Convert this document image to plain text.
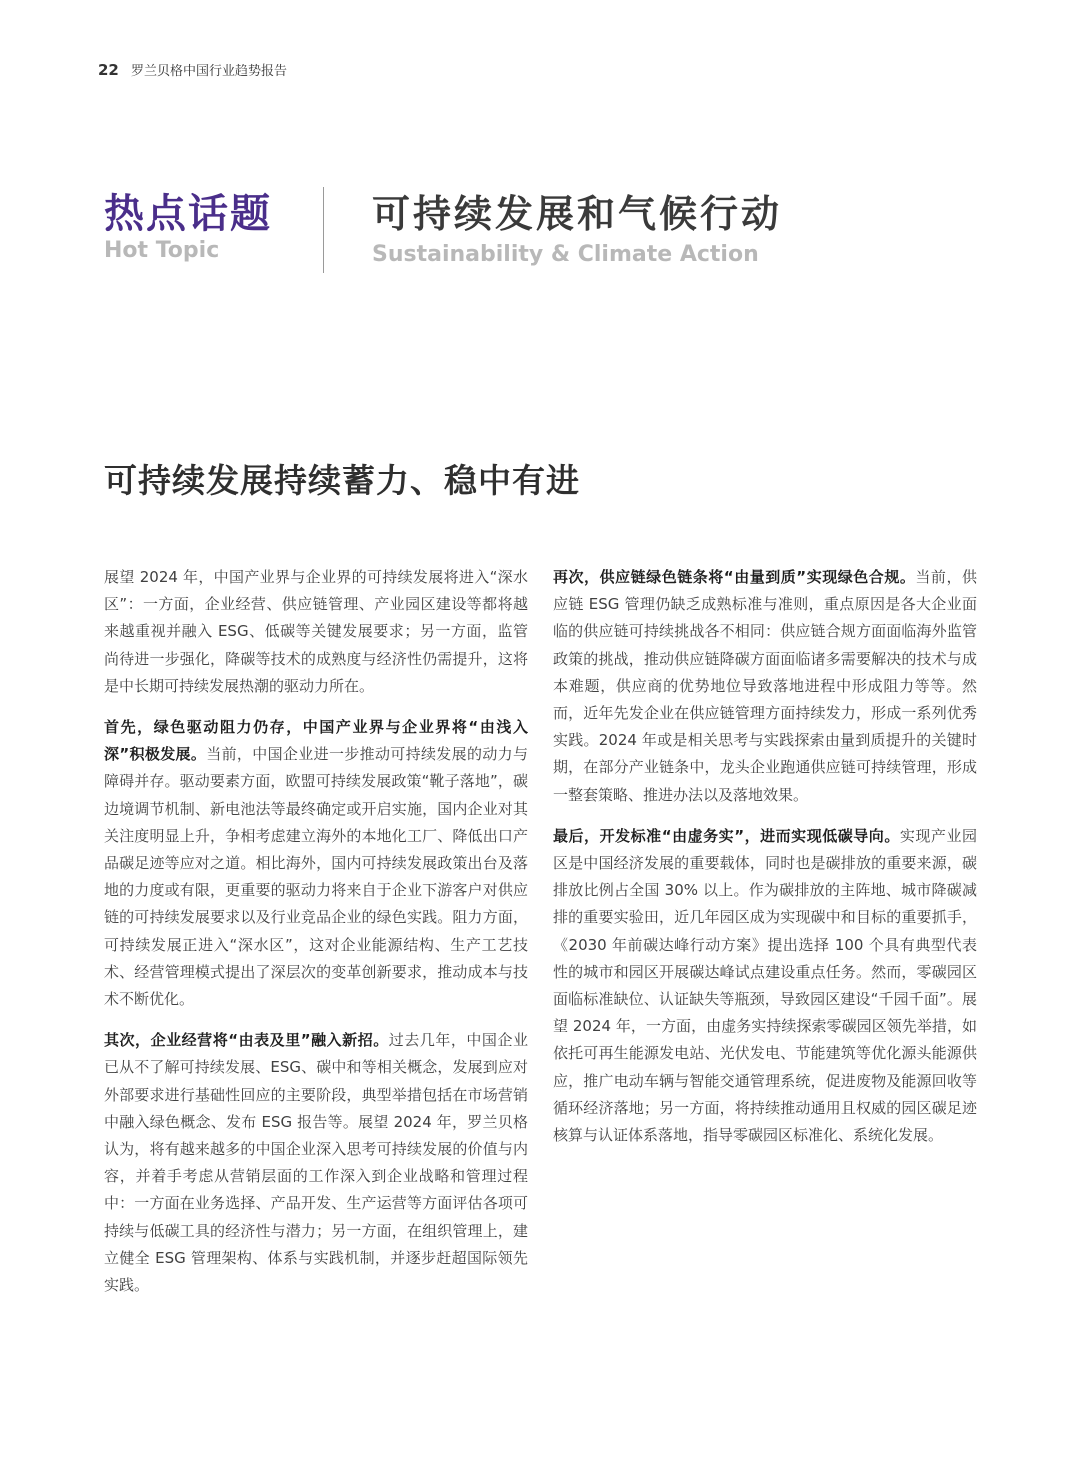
22 罗兰贝格中国行业趋势报告
热点话题
Hot Topic
可持续发展和气候行动
Sustainability & Climate Action
可持续发展持续蓄力、稳中有进

展望 2024 年，中国产业界与企业界的可持续发展将进入“深水区”：一方面，企业经营、供应链管理、产业园区建设等都将越来越重视并融入 ESG、低碳等关键发展要求；另一方面，监管尚待进一步强化，降碳等技术的成熟度与经济性仍需提升，这将是中长期可持续发展热潮的驱动力所在。

首先，绿色驱动阻力仍存，中国产业界与企业界将“由浅入深”积极发展。当前，中国企业进一步推动可持续发展的动力与障碍并存。驱动要素方面，欧盟可持续发展政策“靴子落地”，碳边境调节机制、新电池法等最终确定或开启实施，国内企业对其关注度明显上升，争相考虑建立海外的本地化工厂、降低出口产品碳足迹等应对之道。相比海外，国内可持续发展政策出台及落地的力度或有限，更重要的驱动力将来自于企业下游客户对供应链的可持续发展要求以及行业竞品企业的绿色实践。阻力方面，可持续发展正进入“深水区”，这对企业能源结构、生产工艺技术、经营管理模式提出了深层次的变革创新要求，推动成本与技术不断优化。

其次，企业经营将“由表及里”融入新招。过去几年，中国企业已从不了解可持续发展、ESG、碳中和等相关概念，发展到应对外部要求进行基础性回应的主要阶段，典型举措包括在市场营销中融入绿色概念、发布 ESG 报告等。展望 2024 年，罗兰贝格认为，将有越来越多的中国企业深入思考可持续发展的价值与内容，并着手考虑从营销层面的工作深入到企业战略和管理过程中：一方面在业务选择、产品开发、生产运营等方面评估各项可持续与低碳工具的经济性与潜力；另一方面，在组织管理上，建立健全 ESG 管理架构、体系与实践机制，并逐步赶超国际领先实践。

再次，供应链绿色链条将“由量到质”实现绿色合规。当前，供应链 ESG 管理仍缺乏成熟标准与准则，重点原因是各大企业面临的供应链可持续挑战各不相同：供应链合规方面面临海外监管政策的挑战，推动供应链降碳方面面临诸多需要解决的技术与成本难题，供应商的优势地位导致落地进程中形成阻力等等。然而，近年先发企业在供应链管理方面持续发力，形成一系列优秀实践。2024 年或是相关思考与实践探索由量到质提升的关键时期，在部分产业链条中，龙头企业跑通供应链可持续管理，形成一整套策略、推进办法以及落地效果。

最后，开发标准“由虚务实”，进而实现低碳导向。实现产业园区是中国经济发展的重要载体，同时也是碳排放的重要来源，碳排放比例占全国 30% 以上。作为碳排放的主阵地、城市降碳减排的重要实验田，近几年园区成为实现碳中和目标的重要抓手，《2030 年前碳达峰行动方案》提出选择 100 个具有典型代表性的城市和园区开展碳达峰试点建设重点任务。然而，零碳园区面临标准缺位、认证缺失等瓶颈，导致园区建设“千园千面”。展望 2024 年，一方面，由虚务实持续探索零碳园区领先举措，如依托可再生能源发电站、光伏发电、节能建筑等优化源头能源供应，推广电动车辆与智能交通管理系统，促进废物及能源回收等循环经济落地；另一方面，将持续推动通用且权威的园区碳足迹核算与认证体系落地，指导零碳园区标准化、系统化发展。
